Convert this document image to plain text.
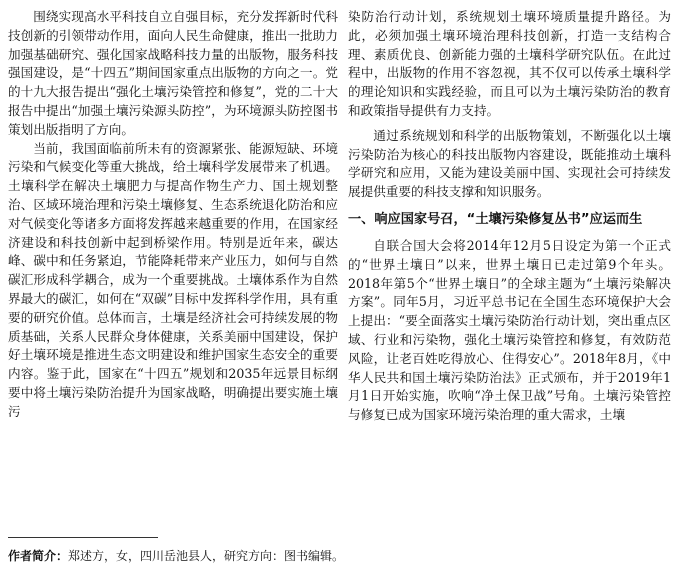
围绕实现高水平科技自立自强目标，充分发挥新时代科技创新的引领带动作用，面向人民生命健康，推出一批助力加强基础研究、强化国家战略科技力量的出版物，服务科技强国建设，是“十四五”期间国家重点出版物的方向之一。党的十九大报告提出“强化土壤污染管控和修复”，党的二十大报告中提出“加强土壤污染源头防控”，为环境源头防控图书策划出版指明了方向。

当前，我国面临前所未有的资源紧张、能源短缺、环境污染和气候变化等重大挑战，给土壤科学发展带来了机遇。土壤科学在解决土壤肥力与提高作物生产力、国土规划整治、区域环境治理和污染土壤修复、生态系统退化防治和应对气候变化等诸多方面将发挥越来越重要的作用，在国家经济建设和科技创新中起到桥梁作用。特别是近年来，碳达峰、碳中和任务紧迫，节能降耗带来产业压力，如何与自然碳汇形成科学耦合，成为一个重要挑战。土壤体系作为自然界最大的碳汇，如何在“双碳”目标中发挥科学作用，具有重要的研究价值。总体而言，土壤是经济社会可持续发展的物质基础，关系人民群众身体健康，关系美丽中国建设，保护好土壤环境是推进生态文明建设和维护国家生态安全的重要内容。鉴于此，国家在“十四五”规划和2035年远景目标纲要中将土壤污染防治提升为国家战略，明确提出要实施土壤污

染防治行动计划，系统规划土壤环境质量提升路径。为此，必须加强土壤环境治理科技创新，打造一支结构合理、素质优良、创新能力强的土壤科学研究队伍。在此过程中，出版物的作用不容忽视，其不仅可以传承土壤科学的理论知识和实践经验，而且可以为土壤污染防治的教育和政策指导提供有力支持。

通过系统规划和科学的出版物策划，不断强化以土壤污染防治为核心的科技出版物内容建设，既能推动土壤科学研究和应用，又能为建设美丽中国、实现社会可持续发展提供重要的科技支撑和知识服务。

一、响应国家号召，“土壤污染修复丛书”应运而生

自联合国大会将2014年12月5日设定为第一个正式的“世界土壤日”以来，世界土壤日已走过第9个年头。2018年第5个“世界土壤日”的全球主题为“土壤污染解决方案”。同年5月，习近平总书记在全国生态环境保护大会上提出：“要全面落实土壤污染防治行动计划，突出重点区域、行业和污染物，强化土壤污染管控和修复，有效防范风险，让老百姓吃得放心、住得安心”。2018年8月，《中华人民共和国土壤污染防治法》正式颁布，并于2019年1月1日开始实施，吹响“净土保卫战”号角。土壤污染管控与修复已成为国家环境污染治理的重大需求，土壤

作者简介：郑述方，女，四川岳池县人，研究方向：图书编辑。
